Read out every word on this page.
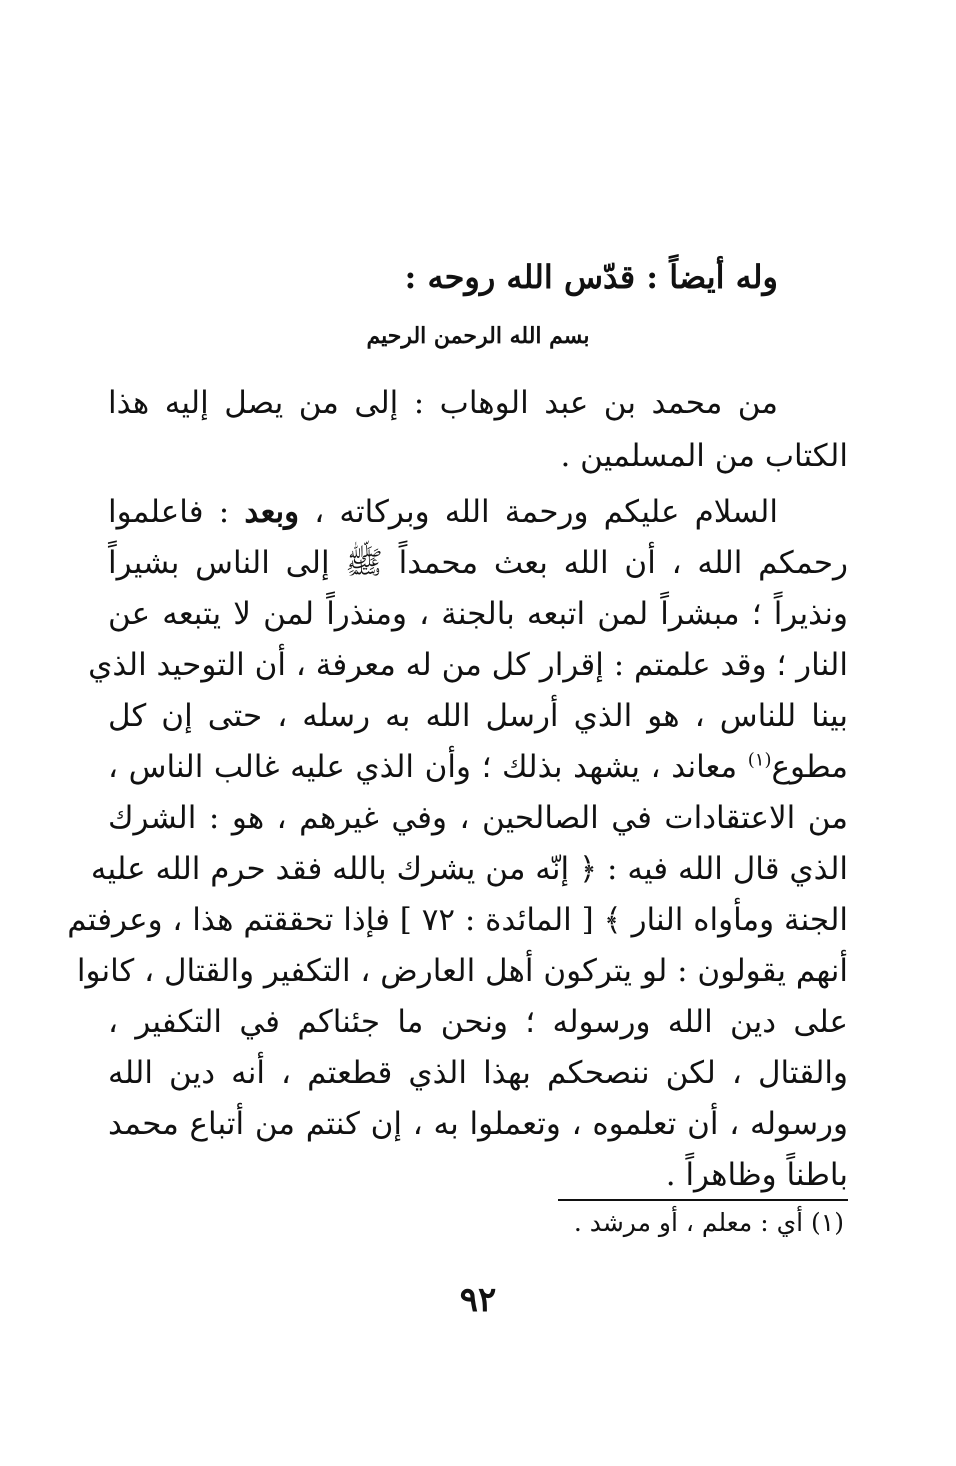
وله أيضاً : قدّس الله روحه :
بسم الله الرحمن الرحيم
من محمد بن عبد الوهاب : إلى من يصل إليه هذا
الكتاب من المسلمين .
السلام عليكم ورحمة الله وبركاته ، وبعد : فاعلموا
رحمكم الله ، أن الله بعث محمداً ﷺ إلى الناس بشيراً
ونذيراً ؛ مبشراً لمن اتبعه بالجنة ، ومنذراً لمن لا يتبعه عن
النار ؛ وقد علمتم : إقرار كل من له معرفة ، أن التوحيد الذي
بينا للناس ، هو الذي أرسل الله به رسله ، حتى إن كل
مطوع$^{(١)}$ معاند ، يشهد بذلك ؛ وأن الذي عليه غالب الناس ،
من الاعتقادات في الصالحين ، وفي غيرهم ، هو : الشرك
الذي قال الله فيه : ﴿ إنّه من يشرك بالله فقد حرم الله عليه
الجنة ومأواه النار ﴾ [ المائدة : ٧٢ ] فإذا تحققتم هذا ، وعرفتم
أنهم يقولون : لو يتركون أهل العارض ، التكفير والقتال ، كانوا
على دين الله ورسوله ؛ ونحن ما جئناكم في التكفير ،
والقتال ، لكن ننصحكم بهذا الذي قطعتم ، أنه دين الله
ورسوله ، أن تعلموه ، وتعملوا به ، إن كنتم من أتباع محمد
باطناً وظاهراً .
(١) أي : معلم ، أو مرشد .
٩٢
